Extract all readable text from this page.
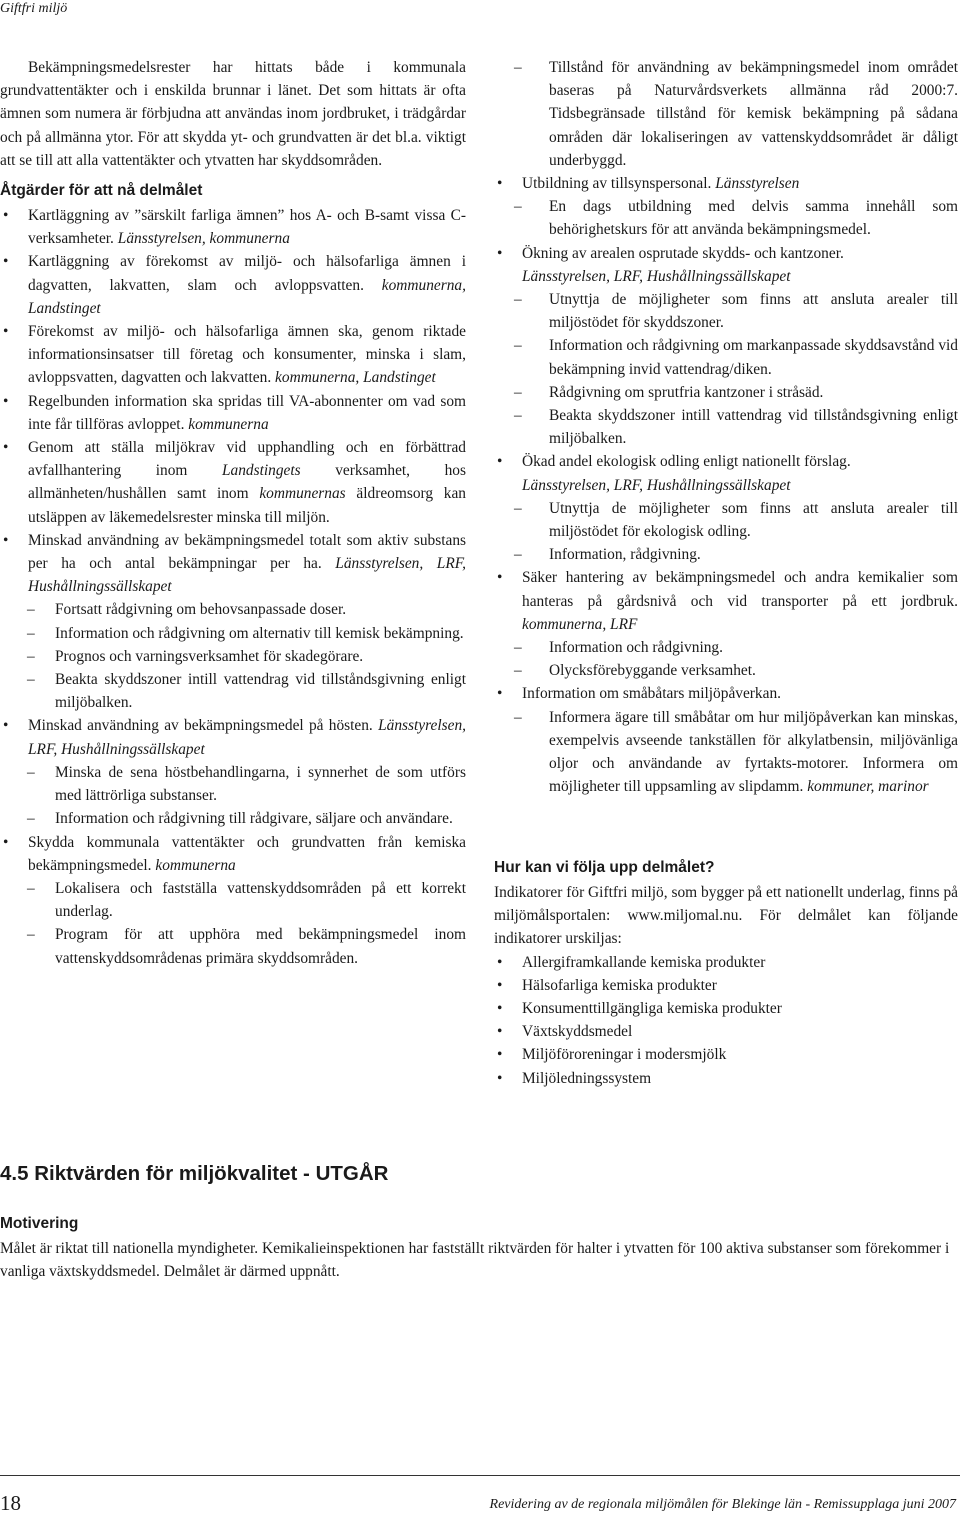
Giftfri miljö

Bekämpningsmedelsrester har hittats både i kommunala grundvattentäkter och i enskilda brunnar i länet. Det som hittats är ofta ämnen som numera är förbjudna att användas inom jordbruket, i trädgårdar och på allmänna ytor. För att skydda yt- och grundvatten är det bl.a. viktigt att se till att alla vattentäkter och ytvatten har skyddsområden.

Åtgärder för att nå delmålet
• Kartläggning av ”särskilt farliga ämnen” hos A- och B-samt vissa C-verksamheter. Länsstyrelsen, kommunerna
• Kartläggning av förekomst av miljö- och hälsofarliga ämnen i dagvatten, lakvatten, slam och avloppsvatten. kommunerna, Landstinget
• Förekomst av miljö- och hälsofarliga ämnen ska, genom riktade informationsinsatser till företag och konsumenter, minska i slam, avloppsvatten, dagvatten och lakvatten. kommunerna, Landstinget
• Regelbunden information ska spridas till VA-abonnenter om vad som inte får tillföras avloppet. kommunerna
• Genom att ställa miljökrav vid upphandling och en förbättrad avfallhantering inom Landstingets verksamhet, hos allmänheten/hushållen samt inom kommunernas äldreomsorg kan utsläppen av läkemedelsrester minska till miljön.
• Minskad användning av bekämpningsmedel totalt som aktiv substans per ha och antal bekämpningar per ha. Länsstyrelsen, LRF, Hushållningssällskapet
– Fortsatt rådgivning om behovsanpassade doser.
– Information och rådgivning om alternativ till kemisk bekämpning.
– Prognos och varningsverksamhet för skadegörare.
– Beakta skyddszoner intill vattendrag vid tillståndsgivning enligt miljöbalken.
• Minskad användning av bekämpningsmedel på hösten. Länsstyrelsen, LRF, Hushållningssällskapet
– Minska de sena höstbehandlingarna, i synnerhet de som utförs med lättrörliga substanser.
– Information och rådgivning till rådgivare, säljare och användare.
• Skydda kommunala vattentäkter och grundvatten från kemiska bekämpningsmedel. kommunerna
– Lokalisera och fastställa vattenskyddsområden på ett korrekt underlag.
– Program för att upphöra med bekämpningsmedel inom vattenskyddsområdenas primära skyddsområden.
– Tillstånd för användning av bekämpningsmedel inom området baseras på Naturvårdsverkets allmänna råd 2000:7. Tidsbegränsade tillstånd för kemisk bekämpning på sådana områden där lokaliseringen av vattenskyddsområdet är dåligt underbyggd.
• Utbildning av tillsynspersonal. Länsstyrelsen
– En dags utbildning med delvis samma innehåll som behörighetskurs för att använda bekämpningsmedel.
• Ökning av arealen osprutade skydds- och kantzoner.
Länsstyrelsen, LRF, Hushållningssällskapet
– Utnyttja de möjligheter som finns att ansluta arealer till miljöstödet för skyddszoner.
– Information och rådgivning om markanpassade skyddsavstånd vid bekämpning invid vattendrag/diken.
– Rådgivning om sprutfria kantzoner i stråsäd.
– Beakta skyddszoner intill vattendrag vid tillståndsgivning enligt miljöbalken.
• Ökad andel ekologisk odling enligt nationellt förslag.
Länsstyrelsen, LRF, Hushållningssällskapet
– Utnyttja de möjligheter som finns att ansluta arealer till miljöstödet för ekologisk odling.
– Information, rådgivning.
• Säker hantering av bekämpningsmedel och andra kemikalier som hanteras på gårdsnivå och vid transporter på ett jordbruk. kommunerna, LRF
– Information och rådgivning.
– Olycksförebyggande verksamhet.
• Information om småbåtars miljöpåverkan.
– Informera ägare till småbåtar om hur miljöpåverkan kan minskas, exempelvis avseende tankställen för alkylatbensin, miljövänliga oljor och användande av fyrtakts-motorer. Informera om möjligheter till uppsamling av slipdamm. kommuner, marinor
Hur kan vi följa upp delmålet?

Indikatorer för Giftfri miljö, som bygger på ett nationellt underlag, finns på miljömålsportalen: www.miljomal.nu. För delmålet kan följande indikatorer urskiljas:

• Allergiframkallande kemiska produkter
• Hälsofarliga kemiska produkter
• Konsumenttillgängliga kemiska produkter
• Växtskyddsmedel
• Miljöföroreningar i modersmjölk
• Miljöledningssystem
4.5 Riktvärden för miljökvalitet - UTGÅR
Motivering

Målet är riktat till nationella myndigheter. Kemikalieinspektionen har fastställt riktvärden för halter i ytvatten för 100 aktiva substanser som förekommer i vanliga växtskyddsmedel. Delmålet är därmed uppnått.

18	Revidering av de regionala miljömålen för Blekinge län - Remissupplaga juni 2007
